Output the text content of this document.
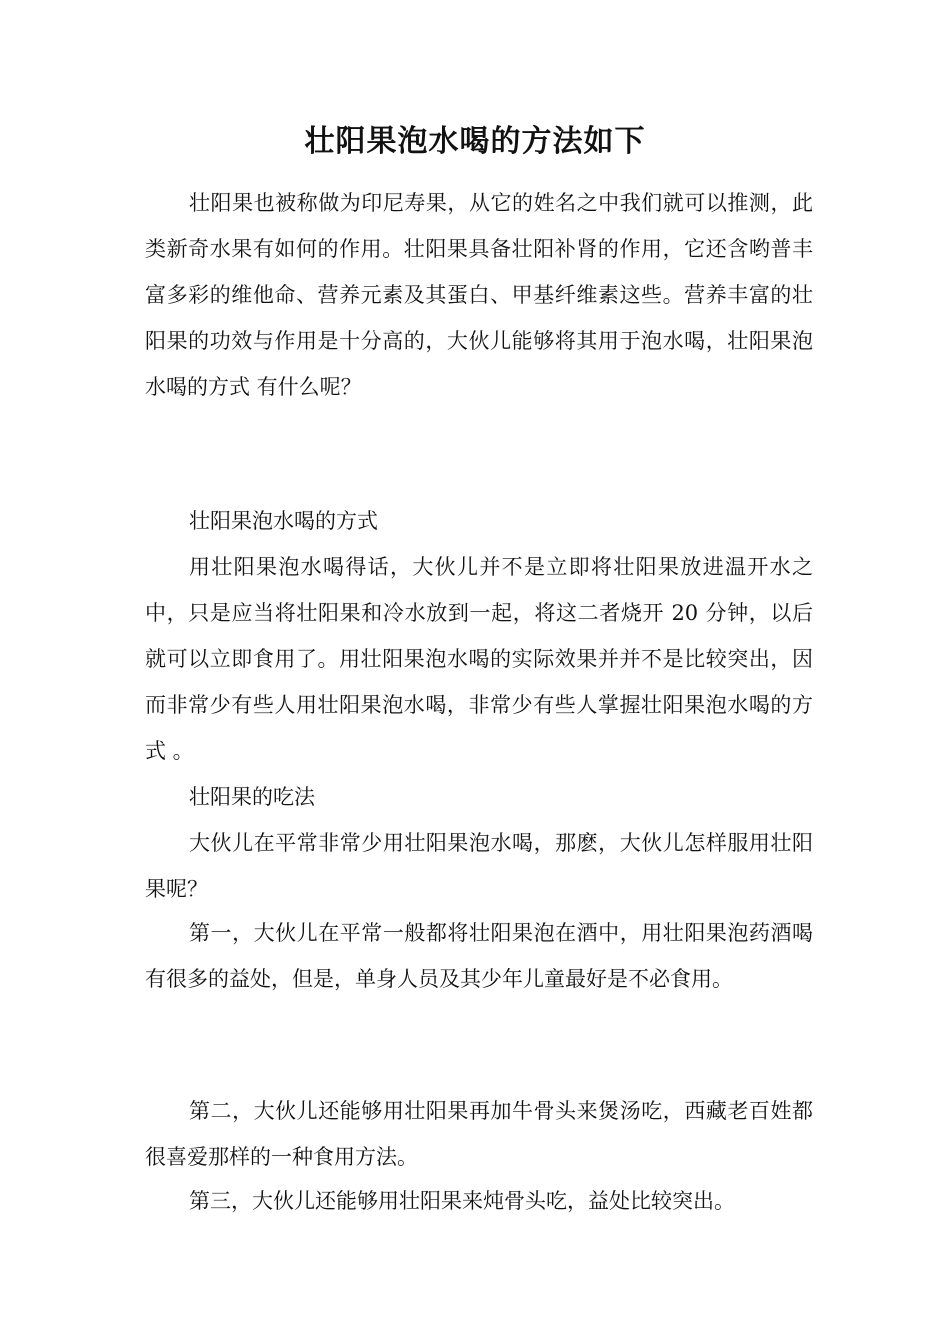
壮阳果泡水喝的方法如下

壮阳果也被称做为印尼寿果，从它的姓名之中我们就可以推测，此类新奇水果有如何的作用。壮阳果具备壮阳补肾的作用，它还含哟普丰富多彩的维他命、营养元素及其蛋白、甲基纤维素这些。营养丰富的壮阳果的功效与作用是十分高的，大伙儿能够将其用于泡水喝，壮阳果泡水喝的方式 有什么呢？

壮阳果泡水喝的方式

用壮阳果泡水喝得话，大伙儿并不是立即将壮阳果放进温开水之中，只是应当将壮阳果和冷水放到一起，将这二者烧开 20 分钟，以后就可以立即食用了。用壮阳果泡水喝的实际效果并并不是比较突出，因而非常少有些人用壮阳果泡水喝，非常少有些人掌握壮阳果泡水喝的方式 。

壮阳果的吃法

大伙儿在平常非常少用壮阳果泡水喝，那麽，大伙儿怎样服用壮阳果呢？

第一，大伙儿在平常一般都将壮阳果泡在酒中，用壮阳果泡药酒喝有很多的益处，但是，单身人员及其少年儿童最好是不必食用。

第二，大伙儿还能够用壮阳果再加牛骨头来煲汤吃，西藏老百姓都很喜爱那样的一种食用方法。

第三，大伙儿还能够用壮阳果来炖骨头吃，益处比较突出。
